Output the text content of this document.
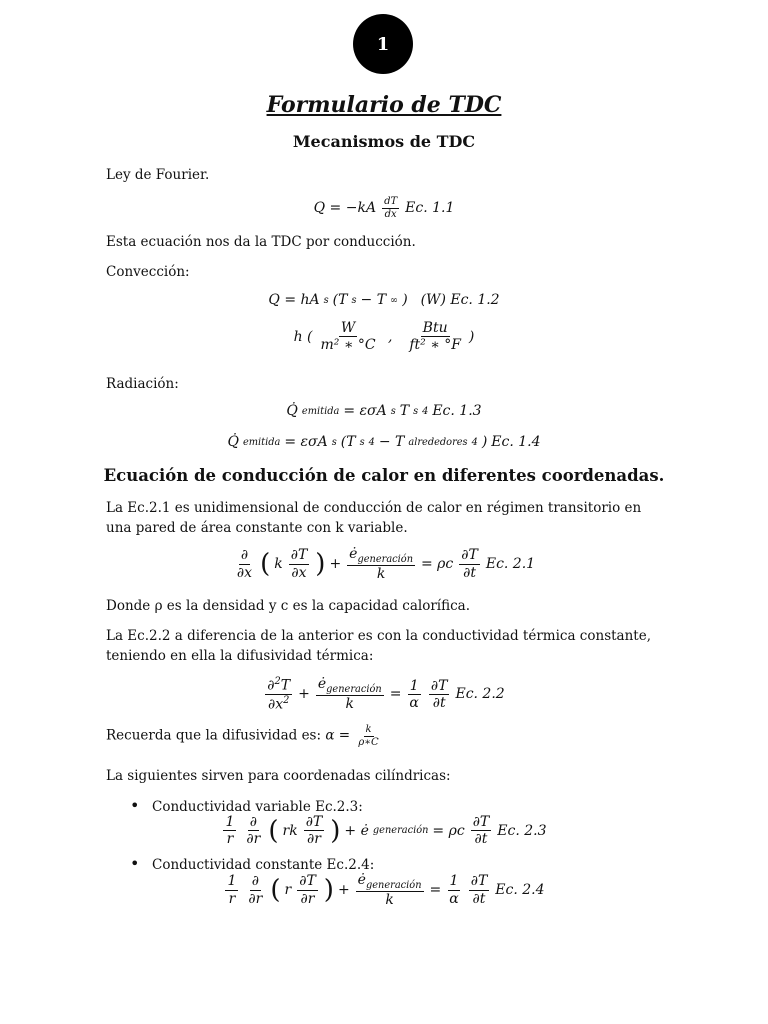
1
Formulario de TDC
Mecanismos de TDC
Ley de Fourier.
$Q = -kA \frac{dT}{dx} Ec$. 1.1
Esta ecuación nos da la TDC por conducción.
Convección:
Q = hA s (T s − T ∞ ) (W) Ec. 1.2
h ( $\frac{W}{\text{m² ∗ °C}}$ , $\frac{\text{Btu}}{\text{ft² ∗ °F}}$ )
Radiación:
Q̇ emitida = εσA s T s 4 Ec. 1.3
Q̇ emitida = εσA s (T s 4 − T alrededores 4 ) Ec. 1.4
Ecuación de conducción de calor en diferentes coordenadas.
La Ec.2.1 es unidimensional de conducción de calor en régimen transitorio en una pared de área constante con k variable.
$\frac{\partial}{\partial x}$ ( k $\frac{\partial T}{\partial x}$ ) + $\frac{ė_{generación}}{k} = \rho c \frac{\partial T}{\partial t} Ec$. 2.1
Donde ρ es la densidad y c es la capacidad calorífica.
La Ec.2.2 a diferencia de la anterior es con la conductividad térmica constante,
teniendo en ella la difusividad térmica:
$\frac{\partial^2T}{\partial x^2} + \frac{ė_{generación}}{k} = \frac{1}{\alpha} \frac{\partial T}{\partial t} Ec$. 2.2
Recuerda que la difusividad es: $\alpha = \frac{k}{\rho∗C}$
La siguientes sirven para coordenadas cilíndricas:
• Conductividad variable Ec.2.3:
$\frac{1}{r} \frac{\partial}{\partial r}$ ( rk $\frac{\partial T}{\partial r}$ ) + ė generación = ρc $\frac{\partial T}{\partial t} Ec$. 2.3
• Conductividad constante Ec.2.4:
$\frac{1}{r} \frac{\partial}{\partial r}$ ( r $\frac{\partial T}{\partial r}$ ) + $\frac{ė_{generación}}{k} = \frac{1}{\alpha} \frac{\partial T}{\partial t} Ec$. 2.4
